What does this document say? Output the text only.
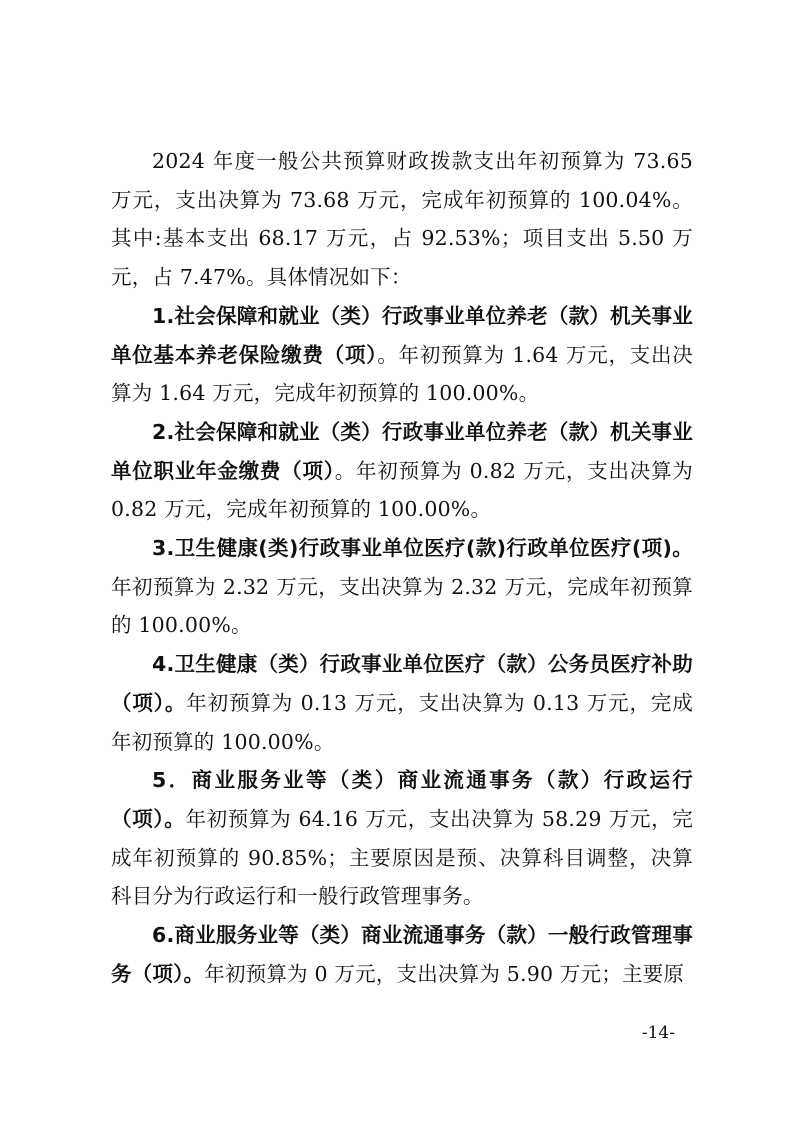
2024 年度一般公共预算财政拨款支出年初预算为 73.65 万元，支出决算为 73.68 万元，完成年初预算的 100.04%。其中:基本支出 68.17 万元，占 92.53%；项目支出 5.50 万元，占 7.47%。具体情况如下：

1.社会保障和就业（类）行政事业单位养老（款）机关事业单位基本养老保险缴费（项）。年初预算为 1.64 万元，支出决算为 1.64 万元，完成年初预算的 100.00%。

2.社会保障和就业（类）行政事业单位养老（款）机关事业单位职业年金缴费（项）。年初预算为 0.82 万元，支出决算为 0.82 万元，完成年初预算的 100.00%。

3.卫生健康(类)行政事业单位医疗(款)行政单位医疗(项)。年初预算为 2.32 万元，支出决算为 2.32 万元，完成年初预算的 100.00%。

4.卫生健康（类）行政事业单位医疗（款）公务员医疗补助（项）。年初预算为 0.13 万元，支出决算为 0.13 万元，完成年初预算的 100.00%。

5．商业服务业等（类）商业流通事务（款）行政运行（项）。年初预算为 64.16 万元，支出决算为 58.29 万元，完成年初预算的 90.85%；主要原因是预、决算科目调整，决算科目分为行政运行和一般行政管理事务。

6.商业服务业等（类）商业流通事务（款）一般行政管理事务（项）。年初预算为 0 万元，支出决算为 5.90 万元；主要原

-14-
